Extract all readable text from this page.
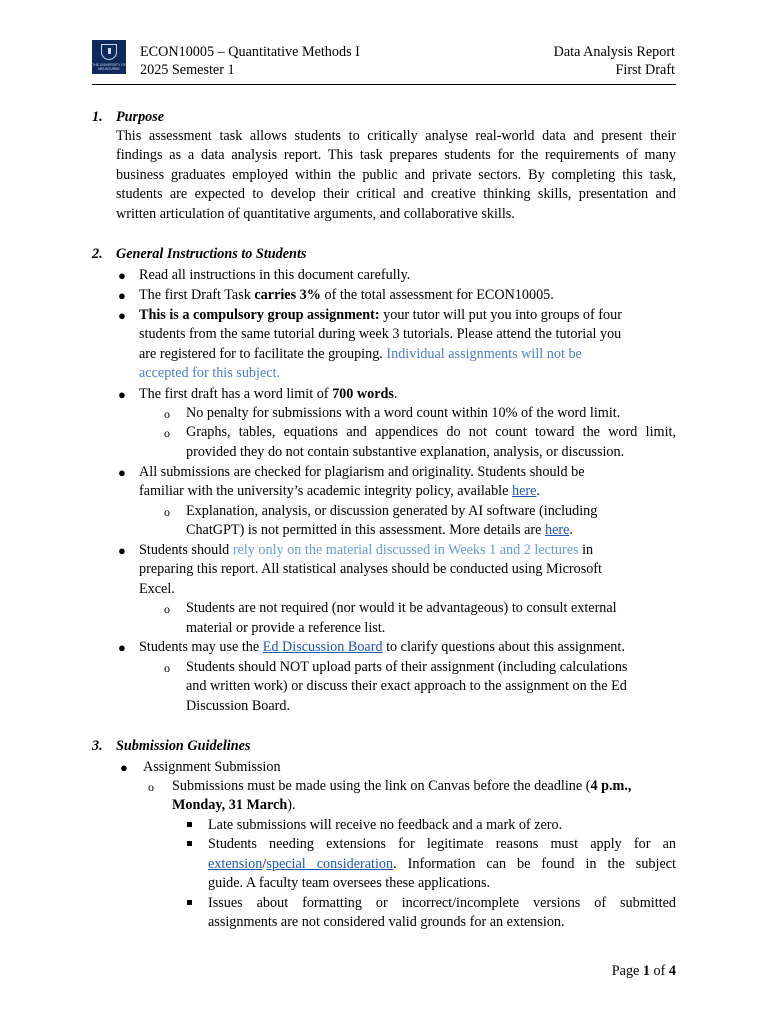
THE UNIVERSITY OF
MELBOURNE
ECON10005 – Quantitative Methods I
2025 Semester 1
Data Analysis Report
First Draft
1. Purpose
This assessment task allows students to critically analyse real-world data and present their
findings as a data analysis report. This task prepares students for the requirements of many
business graduates employed within the public and private sectors. By completing this task,
students are expected to develop their critical and creative thinking skills, presentation and
written articulation of quantitative arguments, and collaborative skills.
2. General Instructions to Students
● Read all instructions in this document carefully.
● The first Draft Task carries 3% of the total assessment for ECON10005.
● This is a compulsory group assignment: your tutor will put you into groups of four
students from the same tutorial during week 3 tutorials. Please attend the tutorial you
are registered for to facilitate the grouping. Individual assignments will not be
accepted for this subject.
● The first draft has a word limit of 700 words.
o No penalty for submissions with a word count within 10% of the word limit.
o Graphs, tables, equations and appendices do not count toward the word limit,
provided they do not contain substantive explanation, analysis, or discussion.
● All submissions are checked for plagiarism and originality. Students should be
familiar with the university’s academic integrity policy, available here.
o Explanation, analysis, or discussion generated by AI software (including
ChatGPT) is not permitted in this assessment. More details are here.
● Students should rely only on the material discussed in Weeks 1 and 2 lectures in
preparing this report. All statistical analyses should be conducted using Microsoft
Excel.
o Students are not required (nor would it be advantageous) to consult external
material or provide a reference list.
● Students may use the Ed Discussion Board to clarify questions about this assignment.
o Students should NOT upload parts of their assignment (including calculations
and written work) or discuss their exact approach to the assignment on the Ed
Discussion Board.
3. Submission Guidelines
● Assignment Submission
o Submissions must be made using the link on Canvas before the deadline (4 p.m.,
Monday, 31 March).
Late submissions will receive no feedback and a mark of zero.
Students needing extensions for legitimate reasons must apply for an
extension/special consideration. Information can be found in the subject
guide. A faculty team oversees these applications.
Issues about formatting or incorrect/incomplete versions of submitted
assignments are not considered valid grounds for an extension.
Page 1 of 4
